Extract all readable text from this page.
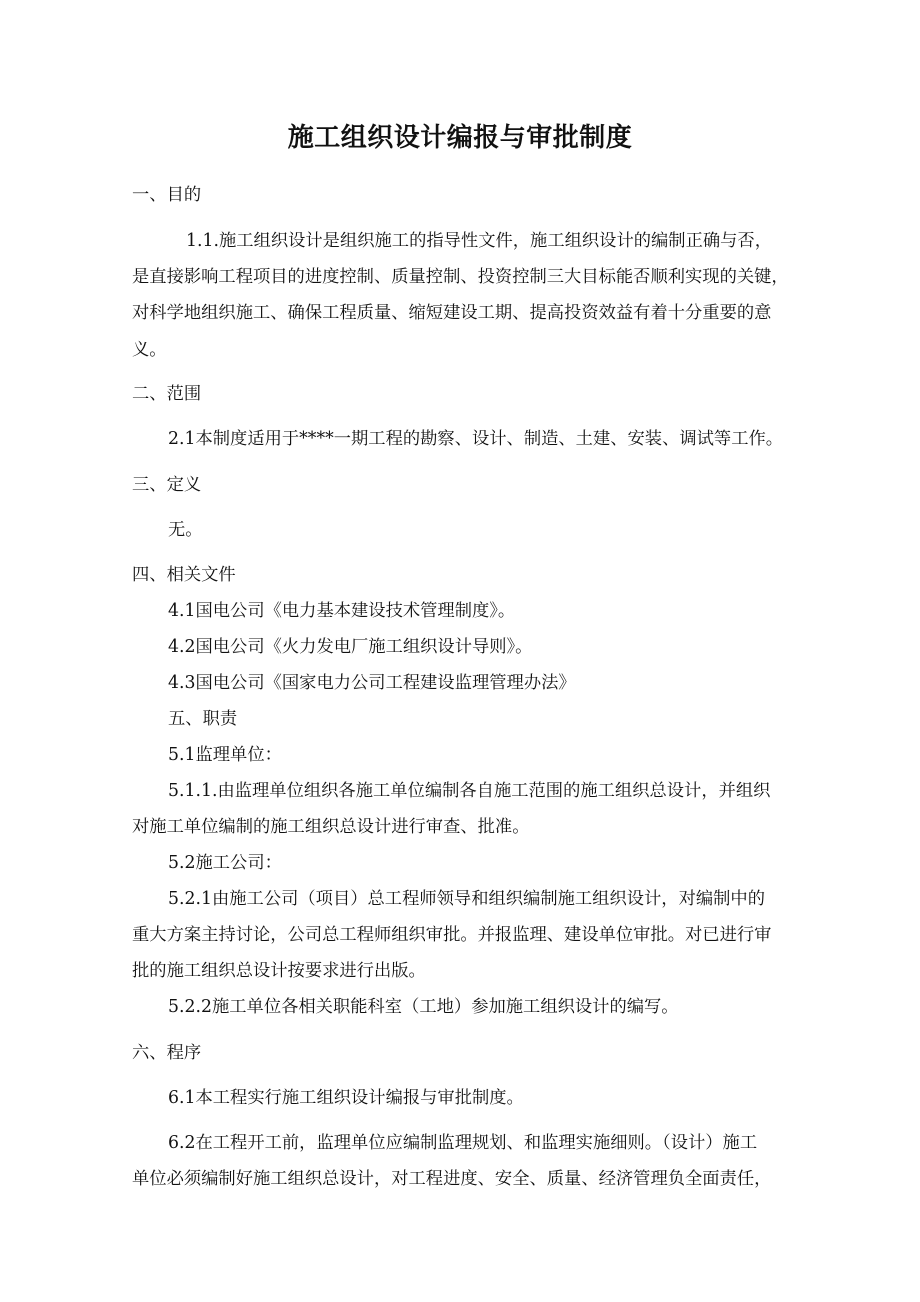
施工组织设计编报与审批制度
一、目的
1.1.施工组织设计是组织施工的指导性文件，施工组织设计的编制正确与否，
是直接影响工程项目的进度控制、质量控制、投资控制三大目标能否顺利实现的关键，
对科学地组织施工、确保工程质量、缩短建设工期、提高投资效益有着十分重要的意
义。
二、范围
2.1本制度适用于****一期工程的勘察、设计、制造、土建、安装、调试等工作。
三、定义
无。
四、相关文件
4.1国电公司《电力基本建设技术管理制度》。
4.2国电公司《火力发电厂施工组织设计导则》。
4.3国电公司《国家电力公司工程建设监理管理办法》
五、职责
5.1监理单位：
5.1.1.由监理单位组织各施工单位编制各自施工范围的施工组织总设计，并组织
对施工单位编制的施工组织总设计进行审查、批准。
5.2施工公司：
5.2.1由施工公司（项目）总工程师领导和组织编制施工组织设计，对编制中的
重大方案主持讨论，公司总工程师组织审批。并报监理、建设单位审批。对已进行审
批的施工组织总设计按要求进行出版。
5.2.2施工单位各相关职能科室（工地）参加施工组织设计的编写。
六、程序
6.1本工程实行施工组织设计编报与审批制度。
6.2在工程开工前，监理单位应编制监理规划、和监理实施细则。（设计）施工
单位必须编制好施工组织总设计，对工程进度、安全、质量、经济管理负全面责任，
